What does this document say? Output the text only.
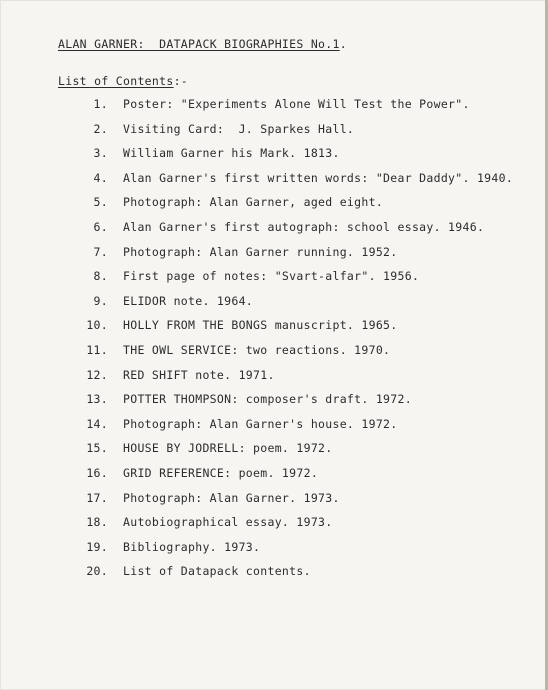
ALAN GARNER:  DATAPACK BIOGRAPHIES No.1.
List of Contents:-
1. Poster: "Experiments Alone Will Test the Power".
2. Visiting Card:  J. Sparkes Hall.
3. William Garner his Mark. 1813.
4. Alan Garner's first written words: "Dear Daddy". 1940.
5. Photograph: Alan Garner, aged eight.
6. Alan Garner's first autograph: school essay. 1946.
7. Photograph: Alan Garner running. 1952.
8. First page of notes: "Svart-alfar". 1956.
9. ELIDOR note. 1964.
10. HOLLY FROM THE BONGS manuscript. 1965.
11. THE OWL SERVICE: two reactions. 1970.
12. RED SHIFT note. 1971.
13. POTTER THOMPSON: composer's draft. 1972.
14. Photograph: Alan Garner's house. 1972.
15. HOUSE BY JODRELL: poem. 1972.
16. GRID REFERENCE: poem. 1972.
17. Photograph: Alan Garner. 1973.
18. Autobiographical essay. 1973.
19. Bibliography. 1973.
20. List of Datapack contents.
